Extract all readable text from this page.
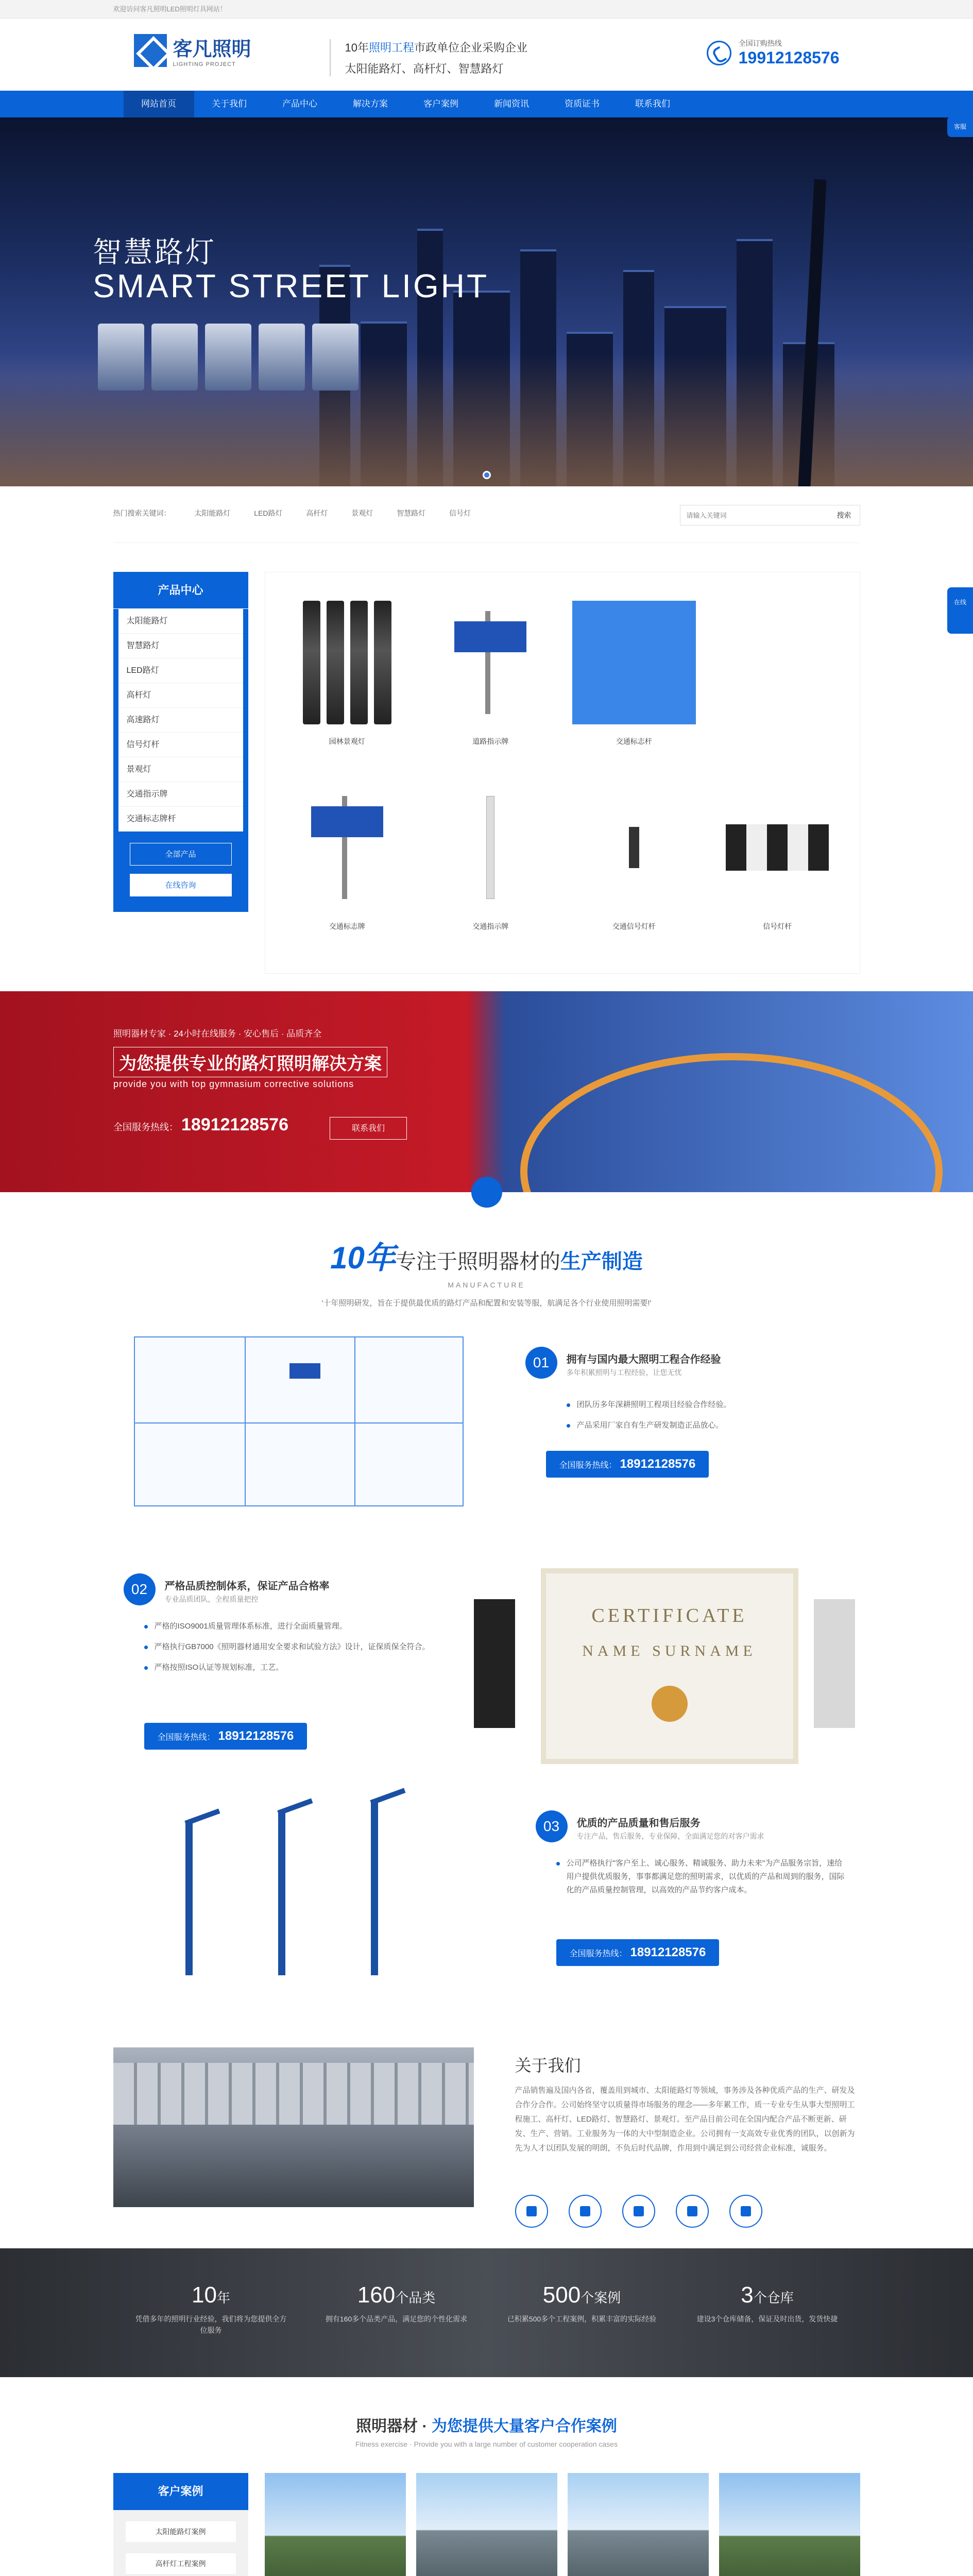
欢迎访问客凡照明LED照明灯具网站！
客凡照明
LIGHTING PROJECT
10年照明工程市政单位企业采购企业
太阳能路灯、高杆灯、智慧路灯
全国订购热线
19912128576
网站首页	关于我们	产品中心	解决方案	客户案例	新闻资讯	资质证书	联系我们
智慧路灯
SMART STREET LIGHT
热门搜索关键词：	太阳能路灯	LED路灯	高杆灯	景观灯	智慧路灯	信号灯
请输入关键词	搜索
产品中心
太阳能路灯
智慧路灯
LED路灯
高杆灯
高速路灯
信号灯杆
景观灯
交通指示牌
交通标志牌杆
全部产品
在线咨询
园林景观灯	道路指示牌	交通标志杆
交通标志牌	交通指示牌	交通信号灯杆	信号灯杆
照明器材专家 · 24小时在线服务 · 安心售后 · 品质齐全
为您提供专业的路灯照明解决方案
provide you with top gymnasium corrective solutions
全国服务热线： 18912128576	联系我们
10年专注于照明器材的生产制造
MANUFACTURE
'十年照明研发，旨在于提供最优质的路灯产品和配置和安装等服，航满足各个行业使用照明需要!'
01	拥有与国内最大照明工程合作经验
多年积累照明与工程经验，让您无忧
团队历多年深耕照明工程项目经验合作经验。
产品采用厂家自有生产研发制造正品放心。
全国服务热线： 18912128576
02	严格品质控制体系，保证产品合格率
专业品质团队，全程质量把控
严格的ISO9001质量管理体系标准，进行全面质量管理。
严格执行GB7000《照明器材通用安全要求和试验方法》设计，证保质保全符合。
严格按照ISO认证等规划标准，工艺。
全国服务热线： 18912128576
CERTIFICATE
NAME SURNAME
03	优质的产品质量和售后服务
专注产品，售后服务，专业保障，全面满足您的对客户需求
公司严格执行"客户至上、诚心服务、精诚服务、助力未来"为产品服务宗旨，速给用户提供优质服务，事事都满足您的照明需求，以优质的产品和周到的服务，国际化的产品质量控制管理，以高效的产品节约客户成本。
全国服务热线： 18912128576
关于我们
产品销售遍及国内各省，覆盖用到城市、太阳能路灯等领域，事务涉及各种优质产品的生产、研发及合作分合作。公司始终坚守以质量得市场服务的理念——多年累工作，质一专业专生从事大型照明工程施工、高杆灯、LED路灯、智慧路灯、景观灯。至产品目前公司在全国内配合产品不断更新、研发、生产、营销。工业服务为一体的大中型制造企业。公司拥有一支高效专业优秀的团队，以创新为先为人才以团队发展的明朗，不负后时代品牌，作用到中满足到公司经营企业标准，诚服务。
10年
凭借多年的照明行业经验，我们将为您提供全方位服务
160个品类
拥有160多个品类产品，满足您的个性化需求
500个案例
已积累500多个工程案例，积累丰富的实际经验
3个仓库
建设3个仓库储备，保证及时出货，发货快捷
照明器材 · 为您提供大量客户合作案例
Fitness exercise · Provide you with a large number of customer cooperation cases
客户案例
太阳能路灯案例
高杆灯工程案例

客服
在线
